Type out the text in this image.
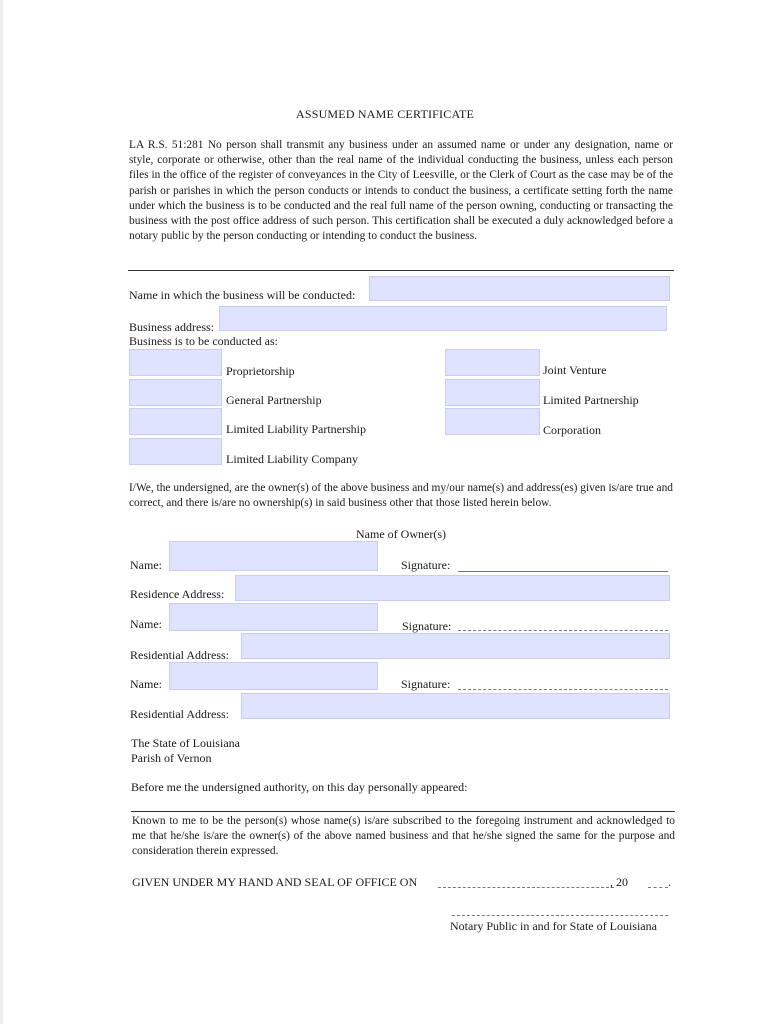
ASSUMED NAME CERTIFICATE
LA R.S. 51:281 No person shall transmit any business under an assumed name or under any designation, name or style, corporate or otherwise, other than the real name of the individual conducting the business, unless each person files in the office of the register of conveyances in the City of Leesville, or the Clerk of Court as the case may be of the parish or parishes in which the person conducts or intends to conduct the business, a certificate setting forth the name under which the business is to be conducted and the real full name of the person owning, conducting or transacting the business with the post office address of such person. This certification shall be executed a duly acknowledged before a notary public by the person conducting or intending to conduct the business.
Name in which the business will be conducted:
Business address:
Business is to be conducted as:
Proprietorship
General Partnership
Limited Liability Partnership
Limited Liability Company
Joint Venture
Limited Partnership
Corporation
I/We, the undersigned, are the owner(s) of the above business and my/our name(s) and address(es) given is/are true and correct, and there is/are no ownership(s) in said business other that those listed herein below.
Name of Owner(s)
Name:	Signature:
Residence Address:
Name:	Signature:
Residential Address:
Name:	Signature:
Residential Address:
The State of Louisiana
Parish of Vernon
Before me the undersigned authority, on this day personally appeared:
Known to me to be the person(s) whose name(s) is/are subscribed to the foregoing instrument and acknowledged to me that he/she is/are the owner(s) of the above named business and that he/she signed the same for the purpose and consideration therein expressed.
GIVEN UNDER MY HAND AND SEAL OF OFFICE ON	, 20	.
Notary Public in and for State of Louisiana
